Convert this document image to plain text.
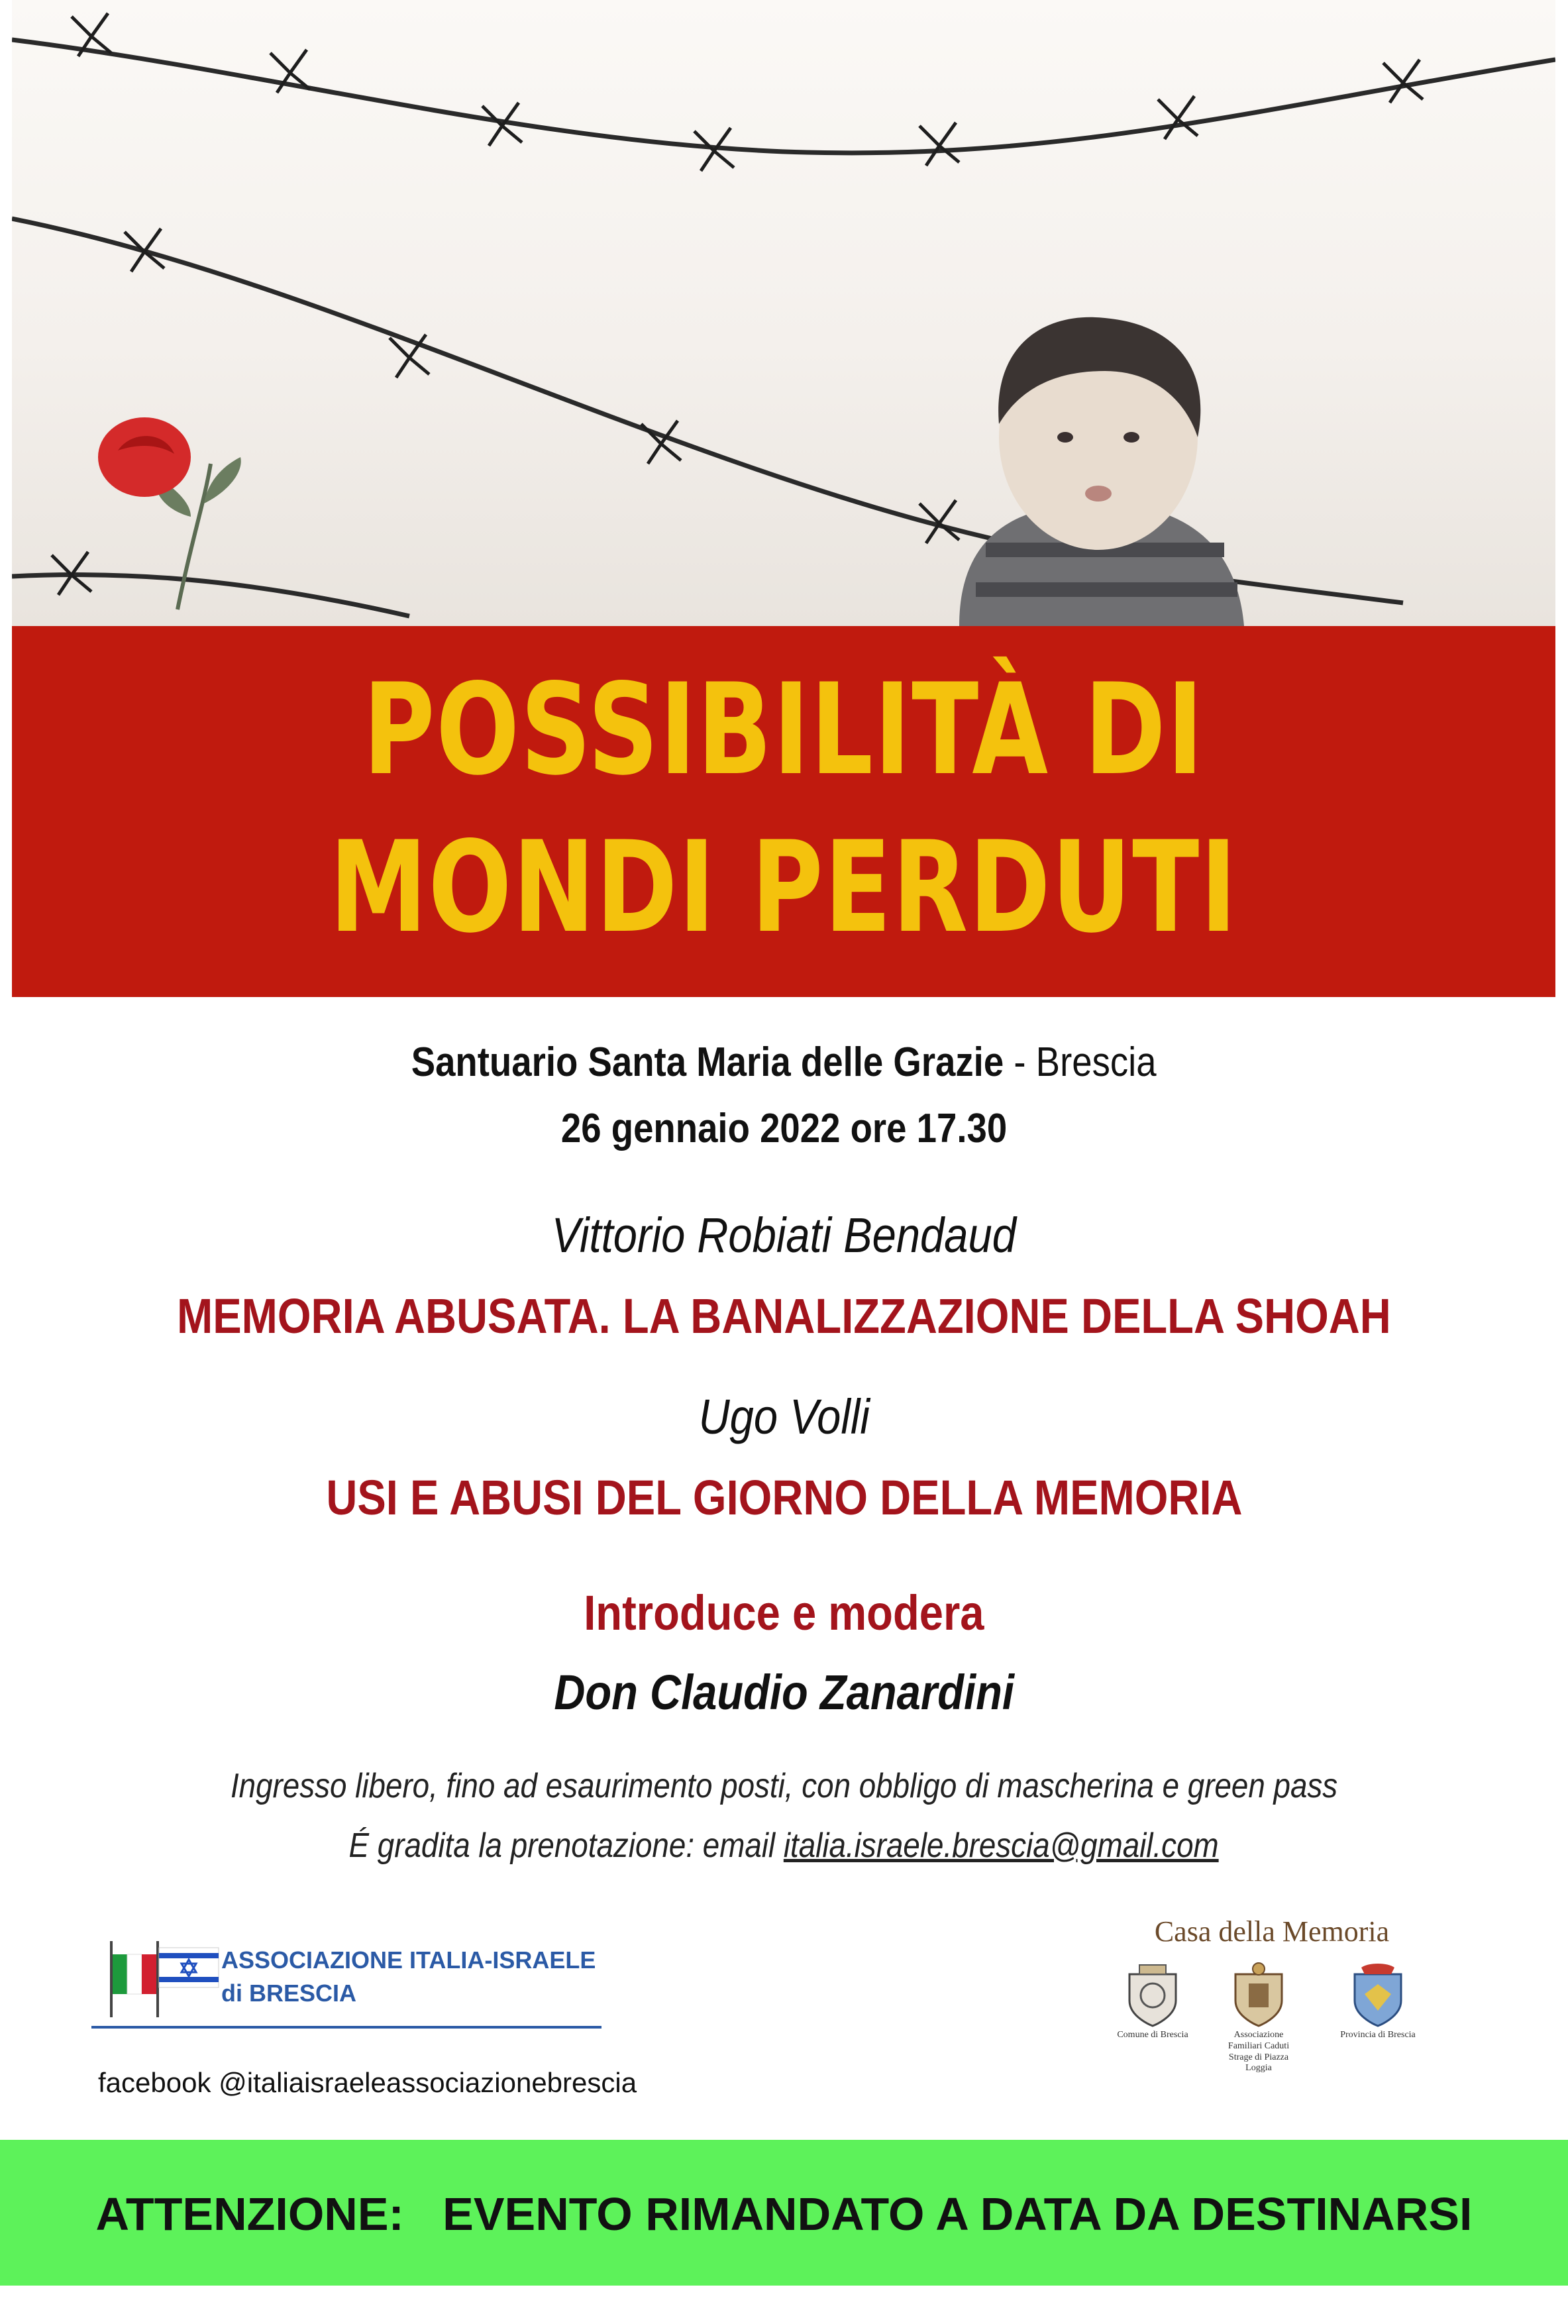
POSSIBILITÀ DI
MONDI PERDUTI
Santuario Santa Maria delle Grazie - Brescia
26 gennaio 2022 ore 17.30
Vittorio Robiati Bendaud
MEMORIA ABUSATA. LA BANALIZZAZIONE DELLA SHOAH
Ugo Volli
USI E ABUSI DEL GIORNO DELLA MEMORIA
Introduce e modera
Don Claudio Zanardini
Ingresso libero, fino ad esaurimento posti, con obbligo di mascherina e green pass
É gradita la prenotazione: email italia.israele.brescia@gmail.com
ASSOCIAZIONE ITALIA-ISRAELE
di BRESCIA
facebook @italiaisraeleassociazionebrescia
Casa della Memoria
Comune di Brescia	Associazione Familiari Caduti Strage di Piazza Loggia
Provincia di Brescia
ATTENZIONE:   EVENTO RIMANDATO A DATA DA DESTINARSI
